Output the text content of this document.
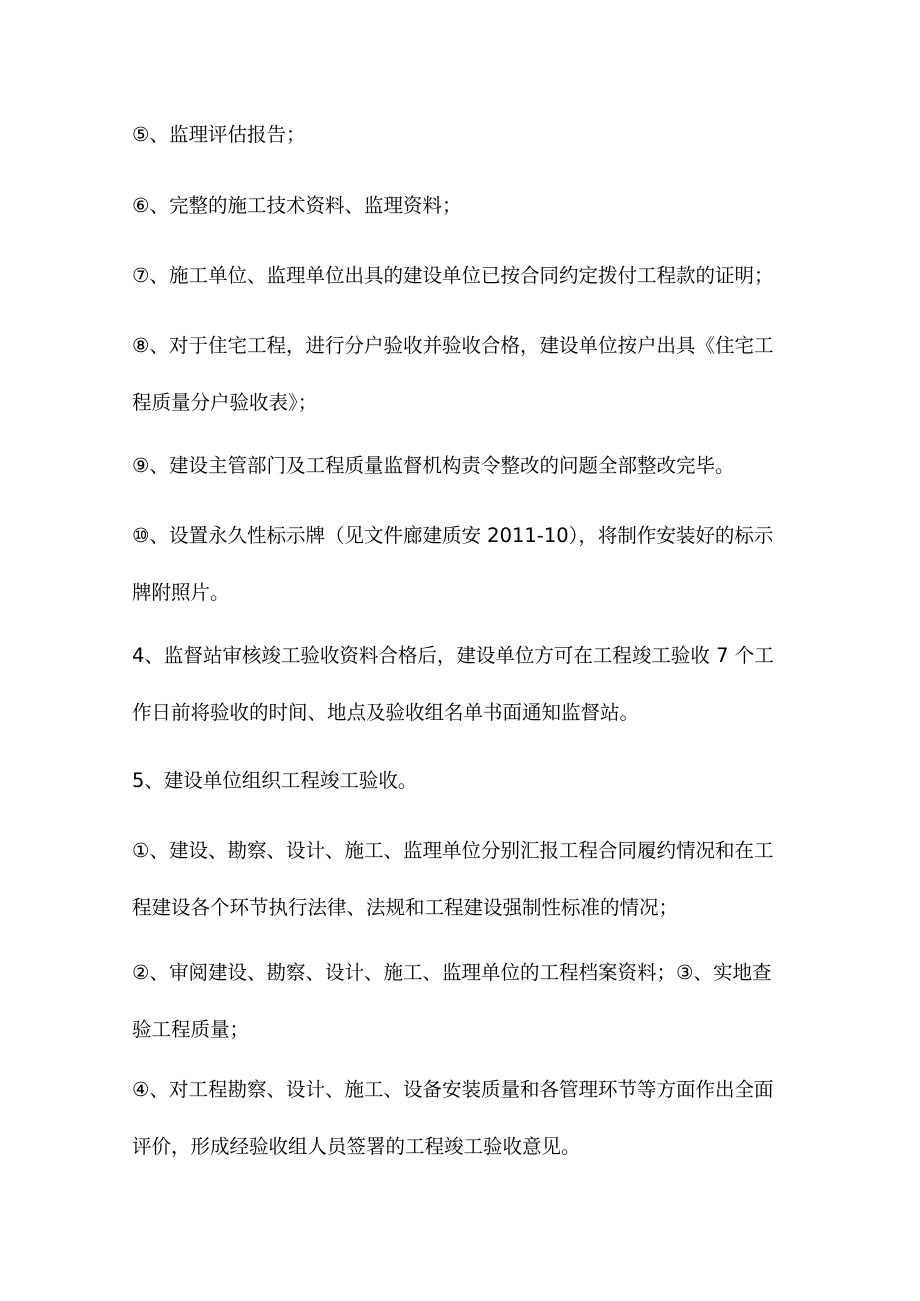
⑤、监理评估报告；

⑥、完整的施工技术资料、监理资料；

⑦、施工单位、监理单位出具的建设单位已按合同约定拨付工程款的证明；

⑧、对于住宅工程，进行分户验收并验收合格，建设单位按户出具《住宅工
程质量分户验收表》；

⑨、建设主管部门及工程质量监督机构责令整改的问题全部整改完毕。

⑩、设置永久性标示牌（见文件廊建质安 2011-10），将制作安装好的标示
牌附照片。

4、监督站审核竣工验收资料合格后，建设单位方可在工程竣工验收 7 个工
作日前将验收的时间、地点及验收组名单书面通知监督站。

5、建设单位组织工程竣工验收。

①、建设、勘察、设计、施工、监理单位分别汇报工程合同履约情况和在工
程建设各个环节执行法律、法规和工程建设强制性标准的情况；

②、审阅建设、勘察、设计、施工、监理单位的工程档案资料；③、实地查
验工程质量；

④、对工程勘察、设计、施工、设备安装质量和各管理环节等方面作出全面
评价，形成经验收组人员签署的工程竣工验收意见。
